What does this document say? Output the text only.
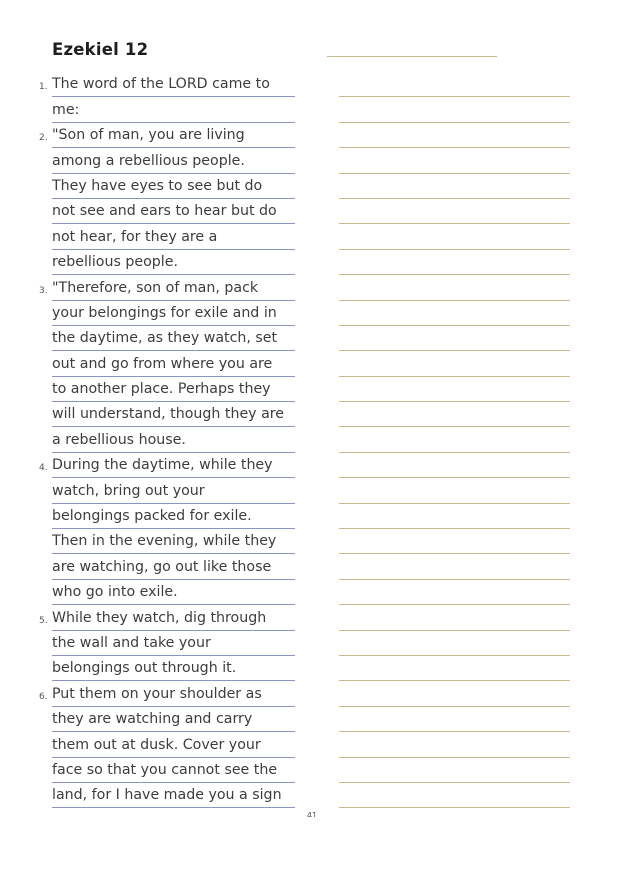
Ezekiel 12
1. The word of the LORD came to
me:
2. "Son of man, you are living
among a rebellious people.
They have eyes to see but do
not see and ears to hear but do
not hear, for they are a
rebellious people.
3. "Therefore, son of man, pack
your belongings for exile and in
the daytime, as they watch, set
out and go from where you are
to another place. Perhaps they
will understand, though they are
a rebellious house.
4. During the daytime, while they
watch, bring out your
belongings packed for exile.
Then in the evening, while they
are watching, go out like those
who go into exile.
5. While they watch, dig through
the wall and take your
belongings out through it.
6. Put them on your shoulder as
they are watching and carry
them out at dusk. Cover your
face so that you cannot see the
land, for I have made you a sign
41
